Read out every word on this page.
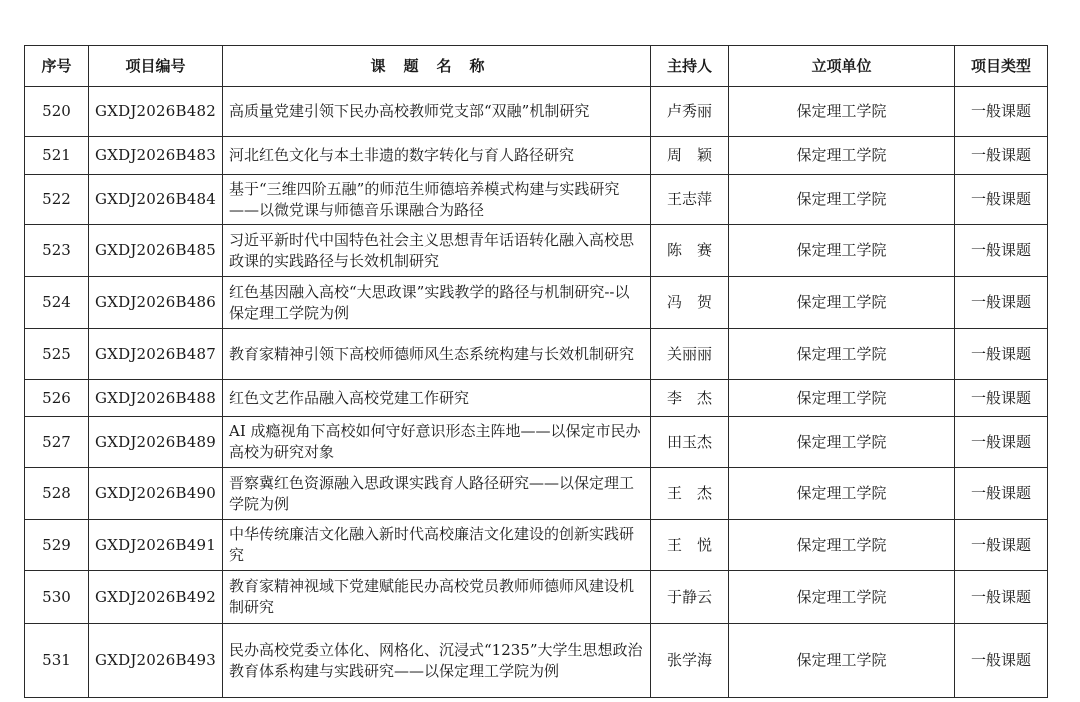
序号	项目编号	课题名称	主持人	立项单位	项目类型
520	GXDJ2026B482	高质量党建引领下民办高校教师党支部“双融”机制研究	卢秀丽	保定理工学院	一般课题
521	GXDJ2026B483	河北红色文化与本土非遗的数字转化与育人路径研究	周　颖	保定理工学院	一般课题
522	GXDJ2026B484	基于“三维四阶五融”的师范生师德培养模式构建与实践研究——以微党课与师德音乐课融合为路径	王志萍	保定理工学院	一般课题
523	GXDJ2026B485	习近平新时代中国特色社会主义思想青年话语转化融入高校思政课的实践路径与长效机制研究	陈　赛	保定理工学院	一般课题
524	GXDJ2026B486	红色基因融入高校“大思政课”实践教学的路径与机制研究--以保定理工学院为例	冯　贺	保定理工学院	一般课题
525	GXDJ2026B487	教育家精神引领下高校师德师风生态系统构建与长效机制研究	关丽丽	保定理工学院	一般课题
526	GXDJ2026B488	红色文艺作品融入高校党建工作研究	李　杰	保定理工学院	一般课题
527	GXDJ2026B489	AI 成瘾视角下高校如何守好意识形态主阵地——以保定市民办高校为研究对象	田玉杰	保定理工学院	一般课题
528	GXDJ2026B490	晋察冀红色资源融入思政课实践育人路径研究——以保定理工学院为例	王　杰	保定理工学院	一般课题
529	GXDJ2026B491	中华传统廉洁文化融入新时代高校廉洁文化建设的创新实践研究	王　悦	保定理工学院	一般课题
530	GXDJ2026B492	教育家精神视域下党建赋能民办高校党员教师师德师风建设机制研究	于静云	保定理工学院	一般课题
531	GXDJ2026B493	民办高校党委立体化、网格化、沉浸式“1235”大学生思想政治教育体系构建与实践研究——以保定理工学院为例	张学海	保定理工学院	一般课题
